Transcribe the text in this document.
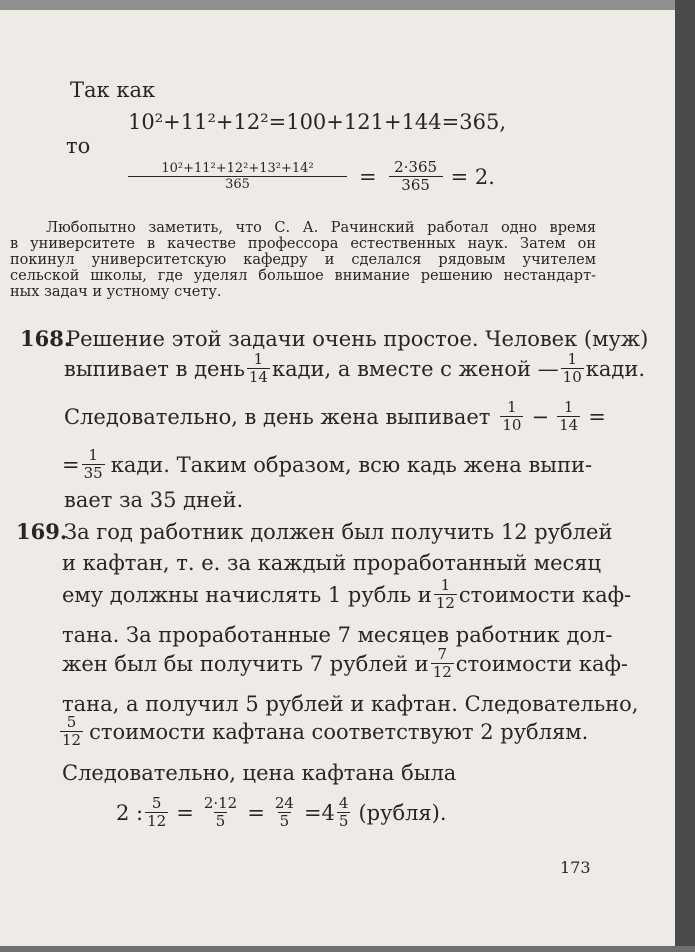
Так как
10²+11²+12²=100+121+144=365,
то
$\frac{\text{10²+11²+12²+13²+14²}}{365} = \frac{2\cdot 365}{365} = 2$.
Любопытно заметить, что С. А. Рачинский работал одно время
в университете в качестве профессора естественных наук. Затем он
покинул университетскую кафедру и сделался рядовым учителем
сельской школы, где уделял большое внимание решению нестандарт-
ных задач и устному счету.
168.
Решение этой задачи очень простое. Человек (муж)
выпивает в день $\frac{1}{14}$ кади, а вместе с женой — $\frac{1}{10}$ кади.
Следовательно, в день жена выпивает $\frac{1}{10} - \frac{1}{14}$ =
= $\frac{1}{35}$ кади. Таким образом, всю кадь жена выпи-
вает за 35 дней.
169.
За год работник должен был получить 12 рублей
и кафтан, т. е. за каждый проработанный месяц
ему должны начислять 1 рубль и $\frac{1}{12}$ стоимости каф-
тана. За проработанные 7 месяцев работник дол-
жен был бы получить 7 рублей и $\frac{7}{12}$ стоимости каф-
тана, а получил 5 рублей и кафтан. Следовательно,
$\frac{5}{12}$ стоимости кафтана соответствуют 2 рублям.
Следовательно, цена кафтана была
2 : $\frac{5}{12} = \frac{2\cdot 12}{5} = \frac{24}{5} =4 \frac{4}{5}$ (рубля).
173
